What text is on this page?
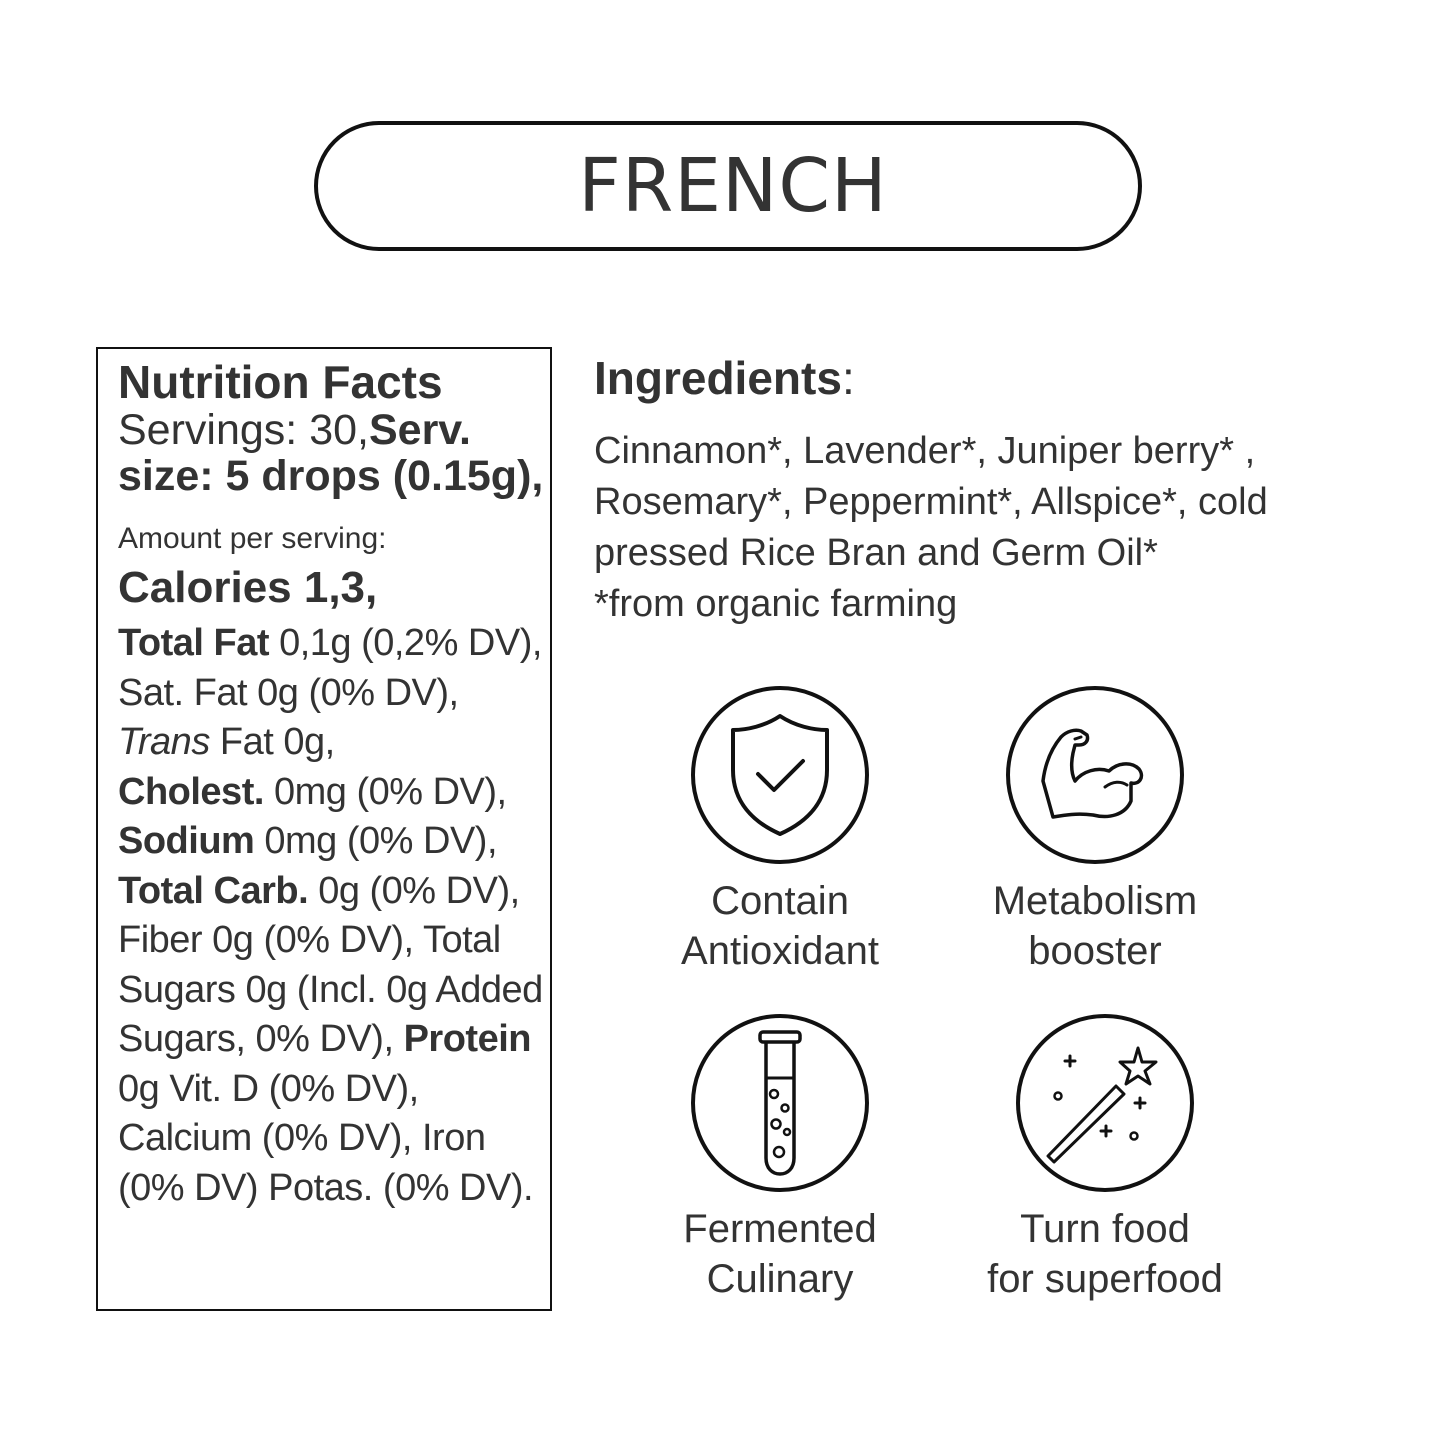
FRENCH
Nutrition Facts
Servings: 30,Serv. size: 5 drops (0.15g),
Amount per serving:
Calories 1,3,
Total Fat 0,1g (0,2% DV), Sat. Fat 0g (0% DV), Trans Fat 0g,
Cholest. 0mg (0% DV),
Sodium 0mg (0% DV),
Total Carb. 0g (0% DV), Fiber 0g (0% DV), Total Sugars 0g (Incl. 0g Added Sugars, 0% DV), Protein 0g Vit. D (0% DV), Calcium (0% DV), Iron (0% DV) Potas. (0% DV).
Ingredients:
Cinnamon*, Lavender*, Juniper berry* , Rosemary*, Peppermint*, Allspice*, cold pressed Rice Bran and Germ Oil*
*from organic farming
Contain
Antioxidant
Metabolism
booster
Fermented
Culinary
Turn food
for superfood
